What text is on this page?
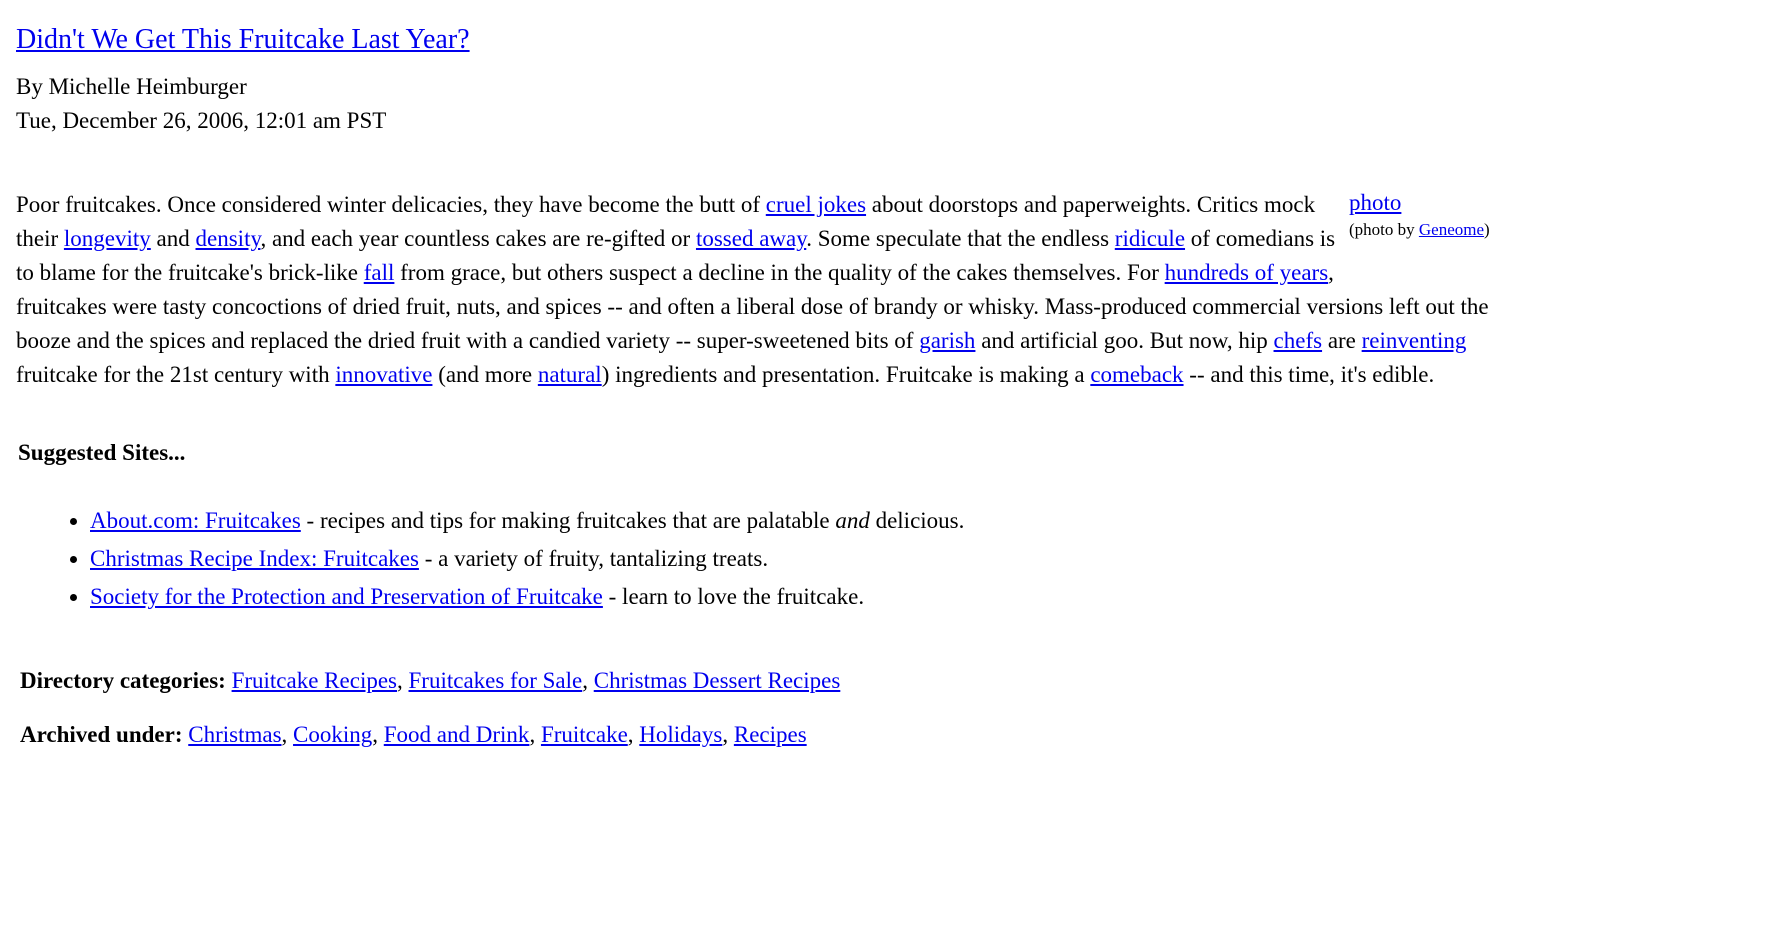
Didn't We Get This Fruitcake Last Year?
By Michelle Heimburger
Tue, December 26, 2006, 12:01 am PST
photo
(photo by Geneome)

Poor fruitcakes. Once considered winter delicacies, they have become the butt of cruel jokes about doorstops and paperweights. Critics mock their longevity and density, and each year countless cakes are re-gifted or tossed away. Some speculate that the endless ridicule of comedians is to blame for the fruitcake's brick-like fall from grace, but others suspect a decline in the quality of the cakes themselves. For hundreds of years, fruitcakes were tasty concoctions of dried fruit, nuts, and spices -- and often a liberal dose of brandy or whisky. Mass-produced commercial versions left out the booze and the spices and replaced the dried fruit with a candied variety -- super-sweetened bits of garish and artificial goo. But now, hip chefs are reinventing fruitcake for the 21st century with innovative (and more natural) ingredients and presentation. Fruitcake is making a comeback -- and this time, it's edible.

Suggested Sites...

• About.com: Fruitcakes - recipes and tips for making fruitcakes that are palatable and delicious.
• Christmas Recipe Index: Fruitcakes - a variety of fruity, tantalizing treats.
• Society for the Protection and Preservation of Fruitcake - learn to love the fruitcake.

Directory categories: Fruitcake Recipes, Fruitcakes for Sale, Christmas Dessert Recipes

Archived under: Christmas, Cooking, Food and Drink, Fruitcake, Holidays, Recipes
